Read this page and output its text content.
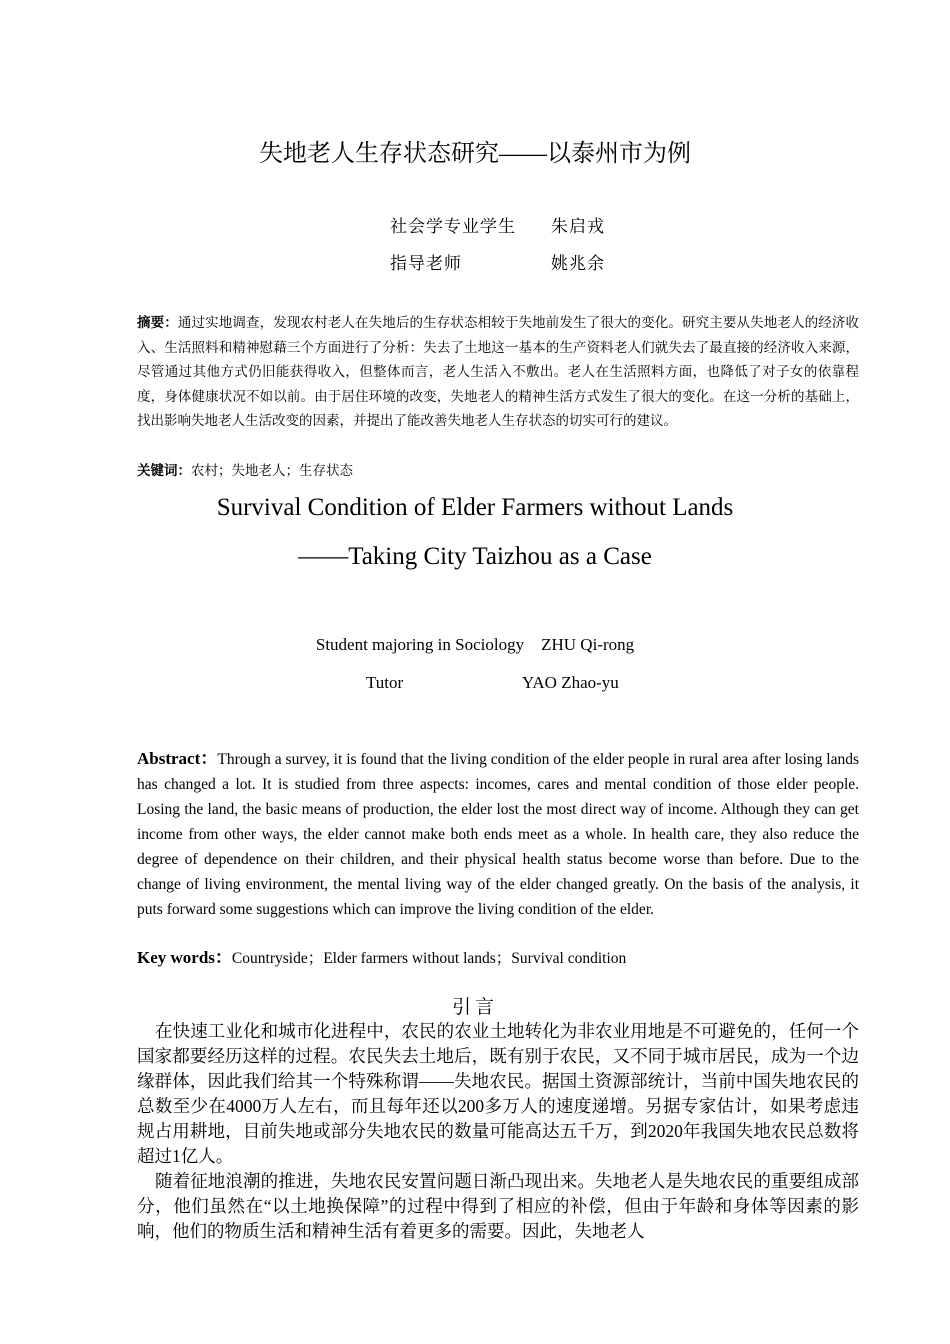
失地老人生存状态研究——以泰州市为例
社会学专业学生 朱启戎
指导老师	姚兆余
摘要：通过实地调查，发现农村老人在失地后的生存状态相较于失地前发生了很大的变化。研究主要从失地老人的经济收入、生活照料和精神慰藉三个方面进行了分析：失去了土地这一基本的生产资料老人们就失去了最直接的经济收入来源，尽管通过其他方式仍旧能获得收入，但整体而言，老人生活入不敷出。老人在生活照料方面，也降低了对子女的依靠程度，身体健康状况不如以前。由于居住环境的改变，失地老人的精神生活方式发生了很大的变化。在这一分析的基础上，找出影响失地老人生活改变的因素，并提出了能改善失地老人生存状态的切实可行的建议。
关键词：农村；失地老人；生存状态
Survival Condition of Elder Farmers without Lands
——Taking City Taizhou as a Case
Student majoring in Sociology    ZHU Qi-rong
Tutor	YAO Zhao-yu
Abstract：Through a survey, it is found that the living condition of the elder people in rural area after losing lands has changed a lot. It is studied from three aspects: incomes, cares and mental condition of those elder people. Losing the land, the basic means of production, the elder lost the most direct way of income. Although they can get income from other ways, the elder cannot make both ends meet as a whole. In health care, they also reduce the degree of dependence on their children, and their physical health status become worse than before. Due to the change of living environment, the mental living way of the elder changed greatly. On the basis of the analysis, it puts forward some suggestions which can improve the living condition of the elder.
Key words：Countryside；Elder farmers without lands；Survival condition
引言

在快速工业化和城市化进程中，农民的农业土地转化为非农业用地是不可避免的，任何一个国家都要经历这样的过程。农民失去土地后，既有别于农民，又不同于城市居民，成为一个边缘群体，因此我们给其一个特殊称谓——失地农民。据国土资源部统计，当前中国失地农民的总数至少在4000万人左右，而且每年还以200多万人的速度递增。另据专家估计，如果考虑违规占用耕地，目前失地或部分失地农民的数量可能高达五千万，到2020年我国失地农民总数将超过1亿人。

随着征地浪潮的推进，失地农民安置问题日渐凸现出来。失地老人是失地农民的重要组成部分，他们虽然在“以土地换保障”的过程中得到了相应的补偿，但由于年龄和身体等因素的影响，他们的物质生活和精神生活有着更多的需要。因此，失地老人
